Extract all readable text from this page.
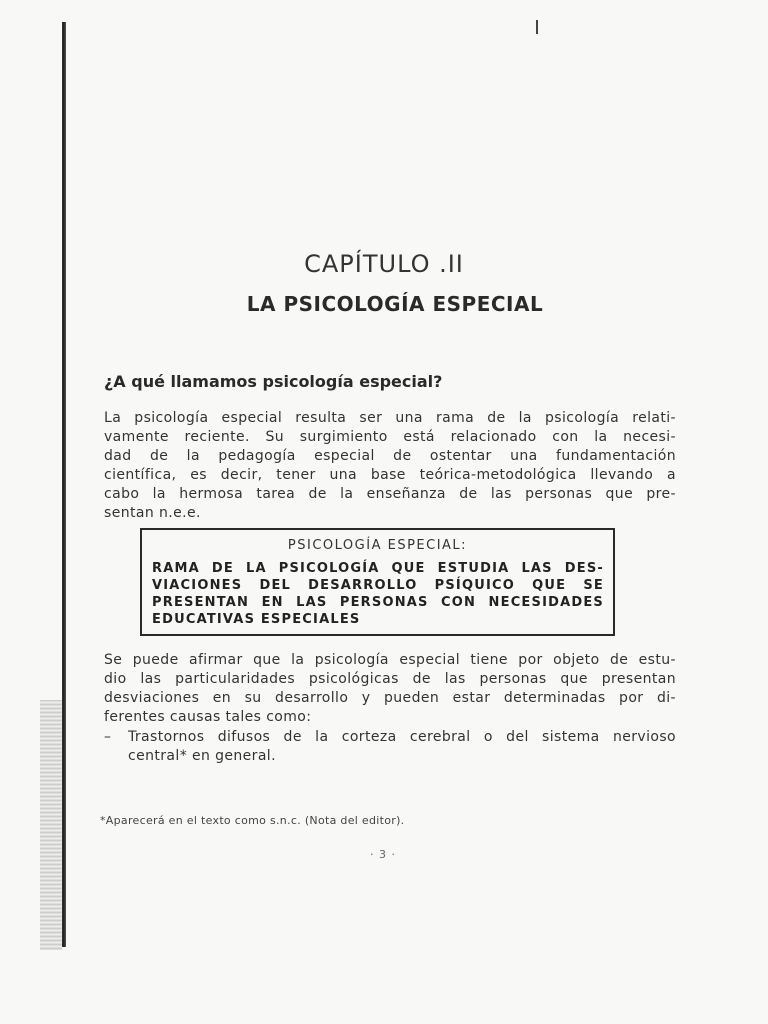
CAPÍTULO .II
LA PSICOLOGÍA ESPECIAL
¿A qué llamamos psicología especial?
La psicología especial resulta ser una rama de la psicología relati-
vamente reciente. Su surgimiento está relacionado con la necesi-
dad de la pedagogía especial de ostentar una fundamentación
científica, es decir, tener una base teórica-metodológica llevando a
cabo la hermosa tarea de la enseñanza de las personas que pre-
sentan n.e.e.
PSICOLOGÍA ESPECIAL:
RAMA DE LA PSICOLOGÍA QUE ESTUDIA LAS DES-
VIACIONES DEL DESARROLLO PSÍQUICO QUE SE
PRESENTAN EN LAS PERSONAS CON NECESIDADES
EDUCATIVAS ESPECIALES
Se puede afirmar que la psicología especial tiene por objeto de estu-
dio las particularidades psicológicas de las personas que presentan
desviaciones en su desarrollo y pueden estar determinadas por di-
ferentes causas tales como:
– Trastornos difusos de la corteza cerebral o del sistema nervioso
central* en general.
*Aparecerá en el texto como s.n.c. (Nota del editor).
· 3 ·
